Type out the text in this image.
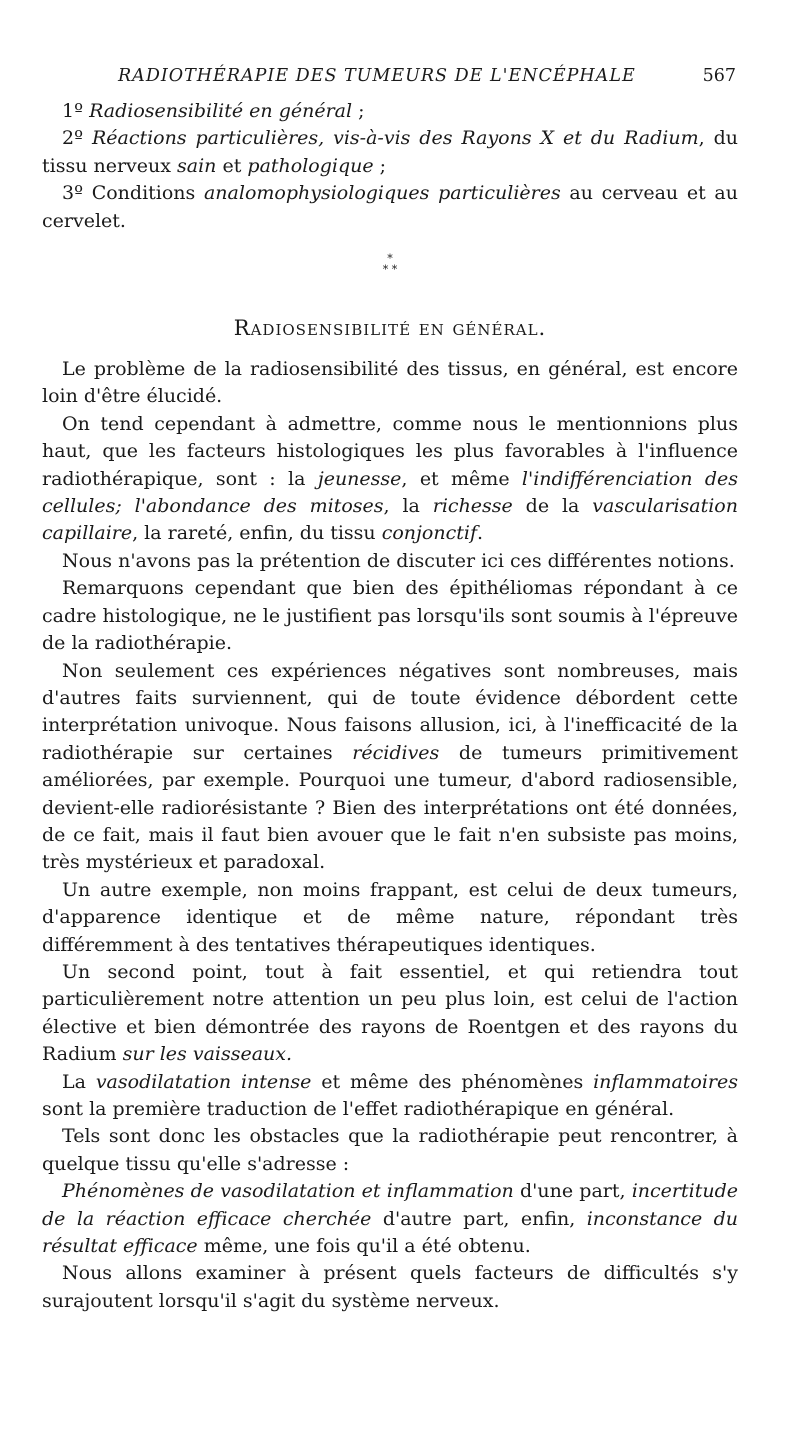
RADIOTHÉRAPIE DES TUMEURS DE L'ENCÉPHALE	567

1º Radiosensibilité en général ;

2º Réactions particulières, vis-à-vis des Rayons X et du Radium, du tissu nerveux sain et pathologique ;

3º Conditions analomophysiologiques particulières au cerveau et au cervelet.

*
* *
Radiosensibilité en général.

Le problème de la radiosensibilité des tissus, en général, est encore loin d'être élucidé.

On tend cependant à admettre, comme nous le mentionnions plus haut, que les facteurs histologiques les plus favorables à l'influence radiothérapique, sont : la jeunesse, et même l'indifférenciation des cellules; l'abondance des mitoses, la richesse de la vascularisation capillaire, la rareté, enfin, du tissu conjonctif.

Nous n'avons pas la prétention de discuter ici ces différentes notions.

Remarquons cependant que bien des épithéliomas répondant à ce cadre histologique, ne le justifient pas lorsqu'ils sont soumis à l'épreuve de la radiothérapie.

Non seulement ces expériences négatives sont nombreuses, mais d'autres faits surviennent, qui de toute évidence débordent cette interprétation univoque. Nous faisons allusion, ici, à l'inefficacité de la radiothérapie sur certaines récidives de tumeurs primitivement améliorées, par exemple. Pourquoi une tumeur, d'abord radiosensible, devient-elle radiorésistante ? Bien des interprétations ont été données, de ce fait, mais il faut bien avouer que le fait n'en subsiste pas moins, très mystérieux et paradoxal.

Un autre exemple, non moins frappant, est celui de deux tumeurs, d'apparence identique et de même nature, répondant très différemment à des tentatives thérapeutiques identiques.

Un second point, tout à fait essentiel, et qui retiendra tout particulièrement notre attention un peu plus loin, est celui de l'action élective et bien démontrée des rayons de Roentgen et des rayons du Radium sur les vaisseaux.

La vasodilatation intense et même des phénomènes inflammatoires sont la première traduction de l'effet radiothérapique en général.

Tels sont donc les obstacles que la radiothérapie peut rencontrer, à quelque tissu qu'elle s'adresse :

Phénomènes de vasodilatation et inflammation d'une part, incertitude de la réaction efficace cherchée d'autre part, enfin, inconstance du résultat efficace même, une fois qu'il a été obtenu.

Nous allons examiner à présent quels facteurs de difficultés s'y surajoutent lorsqu'il s'agit du système nerveux.
